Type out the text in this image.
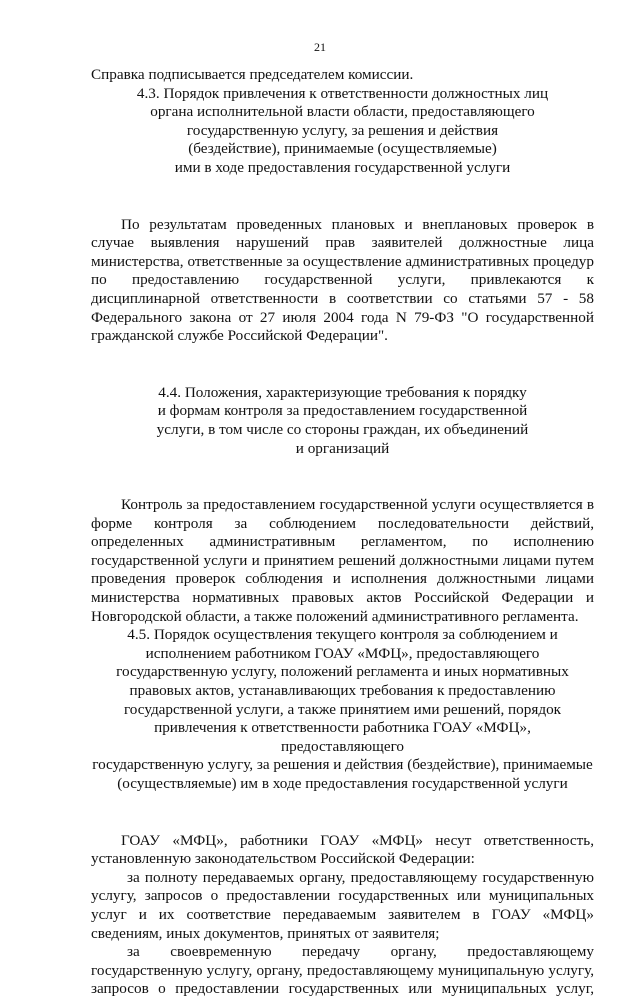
21

Справка подписывается председателем комиссии.

4.3. Порядок привлечения к ответственности должностных лиц

органа исполнительной власти области, предоставляющего

государственную услугу, за решения и действия

(бездействие), принимаемые (осуществляемые)

ими в ходе предоставления государственной услуги

По результатам проведенных плановых и внеплановых проверок в

случае выявления нарушений прав заявителей должностные лица

министерства, ответственные за осуществление административных процедур

по предоставлению государственной услуги, привлекаются к

дисциплинарной ответственности в соответствии со статьями 57 - 58

Федерального закона от 27 июля 2004 года N 79-ФЗ "О государственной

гражданской службе Российской Федерации".

4.4. Положения, характеризующие требования к порядку

и формам контроля за предоставлением государственной

услуги, в том числе со стороны граждан, их объединений

и организаций

Контроль за предоставлением государственной услуги осуществляется в

форме контроля за соблюдением последовательности действий,

определенных административным регламентом, по исполнению

государственной услуги и принятием решений должностными лицами путем

проведения проверок соблюдения и исполнения должностными лицами

министерства нормативных правовых актов Российской Федерации и

Новгородской области, а также положений административного регламента.

4.5. Порядок осуществления текущего контроля за соблюдением и

исполнением работником ГОАУ «МФЦ», предоставляющего

государственную услугу, положений регламента и иных нормативных

правовых актов, устанавливающих требования к предоставлению

государственной услуги, а также принятием ими решений, порядок

привлечения к ответственности работника ГОАУ «МФЦ», предоставляющего

государственную услугу, за решения и действия (бездействие), принимаемые

(осуществляемые) им в ходе предоставления государственной услуги

ГОАУ «МФЦ», работники ГОАУ «МФЦ» несут ответственность,

установленную законодательством Российской Федерации:

за полноту передаваемых органу, предоставляющему государственную

услугу, запросов о предоставлении государственных или муниципальных

услуг и их соответствие передаваемым заявителем в ГОАУ «МФЦ»

сведениям, иных документов, принятых от заявителя;

за своевременную передачу органу, предоставляющему

государственную услугу, органу, предоставляющему муниципальную услугу,

запросов о предоставлении государственных или муниципальных услуг,
